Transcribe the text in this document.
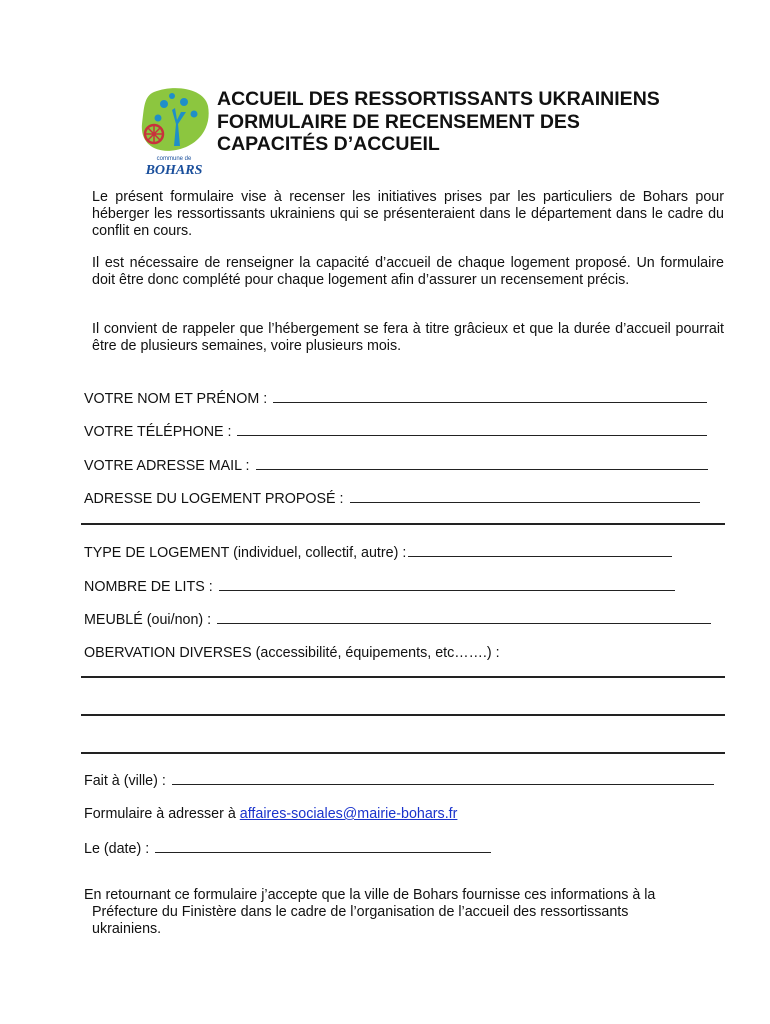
commune de
BOHARS
ACCUEIL DES RESSORTISSANTS UKRAINIENS
FORMULAIRE DE RECENSEMENT DES
CAPACITÉS D’ACCUEIL
Le présent formulaire vise à recenser les initiatives prises par les particuliers de Bohars pour héberger les ressortissants ukrainiens qui se présenteraient dans le département dans le cadre du conflit en cours.
Il est nécessaire de renseigner la capacité d’accueil de chaque logement proposé. Un formulaire doit être donc complété pour chaque logement afin d’assurer un recensement précis.
Il convient de rappeler que l’hébergement se fera à titre grâcieux et que la durée d’accueil pourrait être de plusieurs semaines, voire plusieurs mois.
VOTRE NOM ET PRÉNOM :
VOTRE TÉLÉPHONE :
VOTRE ADRESSE MAIL :
ADRESSE DU LOGEMENT PROPOSÉ :
TYPE DE LOGEMENT (individuel, collectif, autre) :
NOMBRE DE LITS :
MEUBLÉ (oui/non) :
OBERVATION DIVERSES (accessibilité, équipements, etc…….) :
Fait à (ville) :
Formulaire à adresser à affaires-sociales@mairie-bohars.fr
Le (date) :
En retournant ce formulaire j’accepte que la ville de Bohars fournisse ces informations à la
Préfecture du Finistère dans le cadre de l’organisation de l’accueil des ressortissants
ukrainiens.
